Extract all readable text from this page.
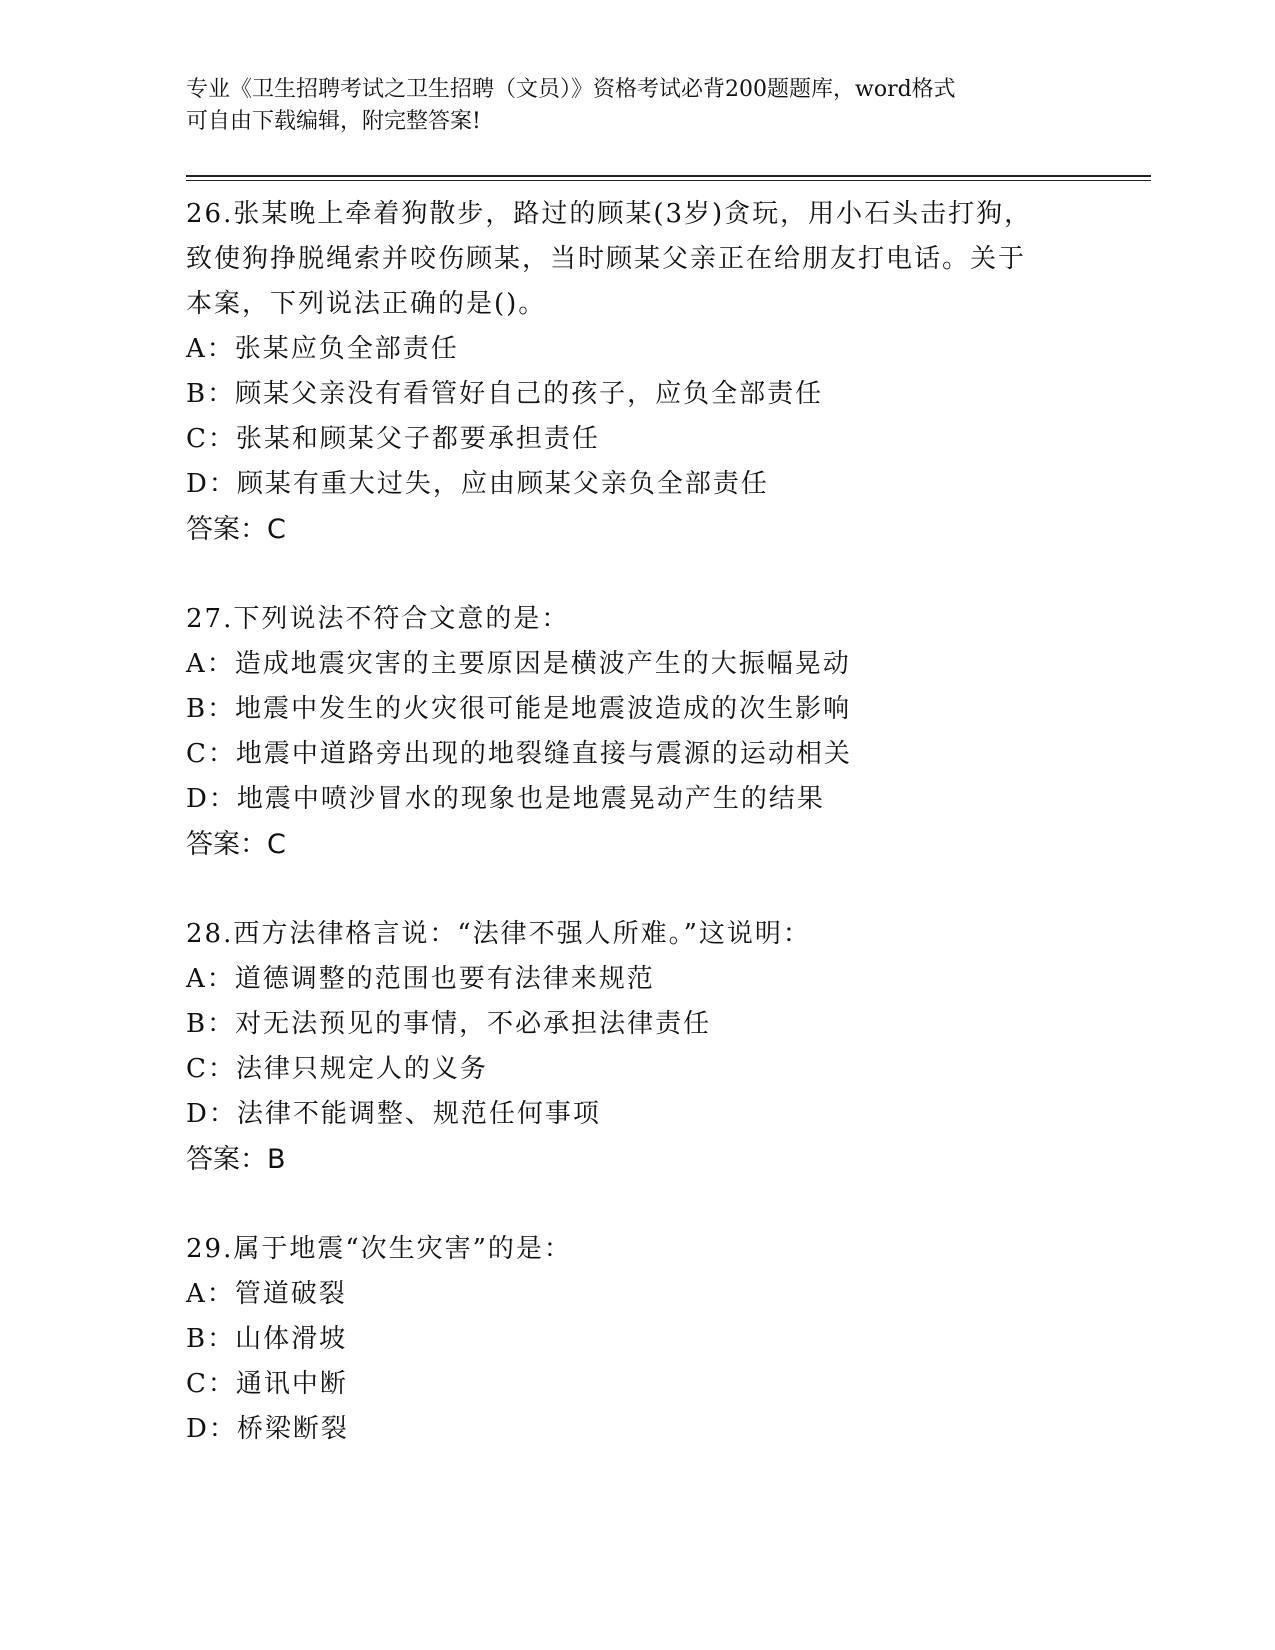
专业《卫生招聘考试之卫生招聘（文员）》资格考试必背200题题库，word格式
可自由下载编辑，附完整答案!
26.张某晚上牵着狗散步，路过的顾某(3岁)贪玩，用小石头击打狗，
致使狗挣脱绳索并咬伤顾某，当时顾某父亲正在给朋友打电话。关于
本案，下列说法正确的是()。
A：张某应负全部责任
B：顾某父亲没有看管好自己的孩子，应负全部责任
C：张某和顾某父子都要承担责任
D：顾某有重大过失，应由顾某父亲负全部责任
答案：C
27.下列说法不符合文意的是：
A：造成地震灾害的主要原因是横波产生的大振幅晃动
B：地震中发生的火灾很可能是地震波造成的次生影响
C：地震中道路旁出现的地裂缝直接与震源的运动相关
D：地震中喷沙冒水的现象也是地震晃动产生的结果
答案：C
28.西方法律格言说：“法律不强人所难。”这说明：
A：道德调整的范围也要有法律来规范
B：对无法预见的事情，不必承担法律责任
C：法律只规定人的义务
D：法律不能调整、规范任何事项
答案：B
29.属于地震“次生灾害”的是：
A：管道破裂
B：山体滑坡
C：通讯中断
D：桥梁断裂
